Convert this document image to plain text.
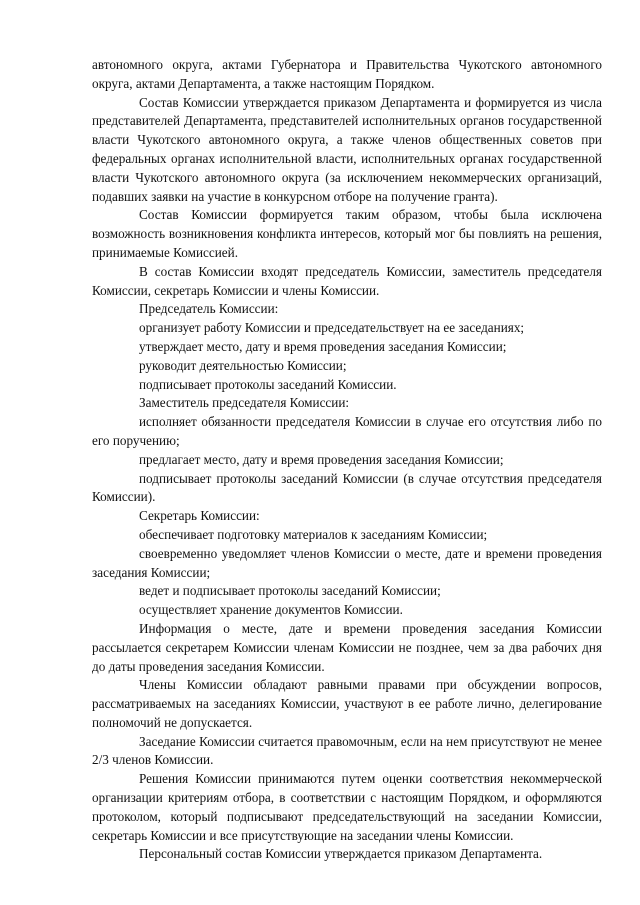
автономного округа, актами Губернатора и Правительства Чукотского автономного округа, актами Департамента, а также настоящим Порядком.

Состав Комиссии утверждается приказом Департамента и формируется из числа представителей Департамента, представителей исполнительных органов государственной власти Чукотского автономного округа, а также членов общественных советов при федеральных органах исполнительной власти, исполнительных органах государственной власти Чукотского автономного округа (за исключением некоммерческих организаций, подавших заявки на участие в конкурсном отборе на получение гранта).

Состав Комиссии формируется таким образом, чтобы была исключена возможность возникновения конфликта интересов, который мог бы повлиять на решения, принимаемые Комиссией.

В состав Комиссии входят председатель Комиссии, заместитель председателя Комиссии, секретарь Комиссии и члены Комиссии.

Председатель Комиссии:

организует работу Комиссии и председательствует на ее заседаниях;

утверждает место, дату и время проведения заседания Комиссии;

руководит деятельностью Комиссии;

подписывает протоколы заседаний Комиссии.

Заместитель председателя Комиссии:

исполняет обязанности председателя Комиссии в случае его отсутствия либо по его поручению;

предлагает место, дату и время проведения заседания Комиссии;

подписывает протоколы заседаний Комиссии (в случае отсутствия председателя Комиссии).

Секретарь Комиссии:

обеспечивает подготовку материалов к заседаниям Комиссии;

своевременно уведомляет членов Комиссии о месте, дате и времени проведения заседания Комиссии;

ведет и подписывает протоколы заседаний Комиссии;

осуществляет хранение документов Комиссии.

Информация о месте, дате и времени проведения заседания Комиссии рассылается секретарем Комиссии членам Комиссии не позднее, чем за два рабочих дня до даты проведения заседания Комиссии.

Члены Комиссии обладают равными правами при обсуждении вопросов, рассматриваемых на заседаниях Комиссии, участвуют в ее работе лично, делегирование полномочий не допускается.

Заседание Комиссии считается правомочным, если на нем присутствуют не менее 2/3 членов Комиссии.

Решения Комиссии принимаются путем оценки соответствия некоммерческой организации критериям отбора, в соответствии с настоящим Порядком, и оформляются протоколом, который подписывают председательствующий на заседании Комиссии, секретарь Комиссии и все присутствующие на заседании члены Комиссии.

Персональный состав Комиссии утверждается приказом Департамента.
